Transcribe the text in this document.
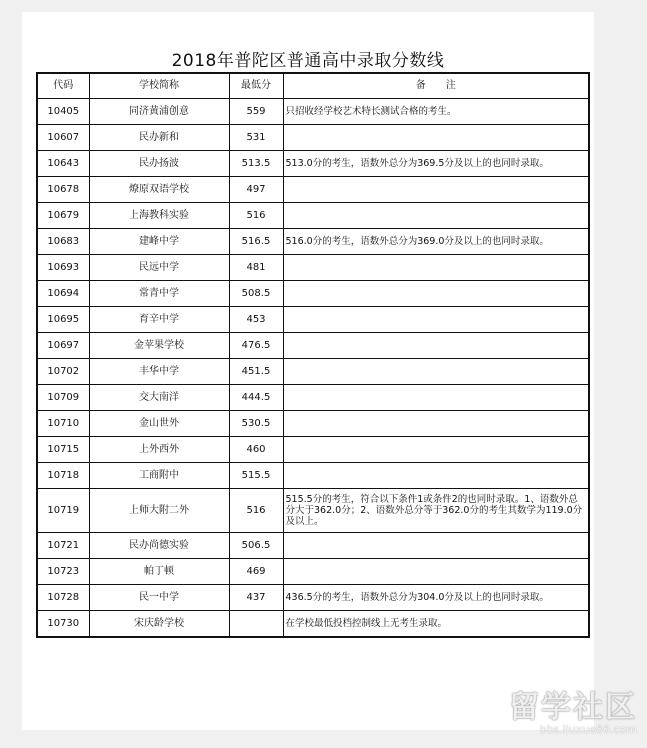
2018年普陀区普通高中录取分数线
代码	学校简称	最低分	备　　注
10405	同济黄浦创意	559	只招收经学校艺术特长测试合格的考生。
10607	民办新和	531	
10643	民办扬波	513.5	513.0分的考生，语数外总分为369.5分及以上的也同时录取。
10678	燎原双语学校	497	
10679	上海教科实验	516	
10683	建峰中学	516.5	516.0分的考生，语数外总分为369.0分及以上的也同时录取。
10693	民远中学	481	
10694	常青中学	508.5	
10695	育辛中学	453	
10697	金苹果学校	476.5	
10702	丰华中学	451.5	
10709	交大南洋	444.5	
10710	金山世外	530.5	
10715	上外西外	460	
10718	工商附中	515.5	
10719	上师大附二外	516	515.5分的考生，符合以下条件1或条件2的也同时录取。1、语数外总分大于362.0分；2、语数外总分等于362.0分的考生其数学为119.0分及以上。
10721	民办尚德实验	506.5	
10723	帕丁顿	469	
10728	民一中学	437	436.5分的考生，语数外总分为304.0分及以上的也同时录取。
10730	宋庆龄学校		在学校最低投档控制线上无考生录取。
留学社区
bbs.liuxue86.com
